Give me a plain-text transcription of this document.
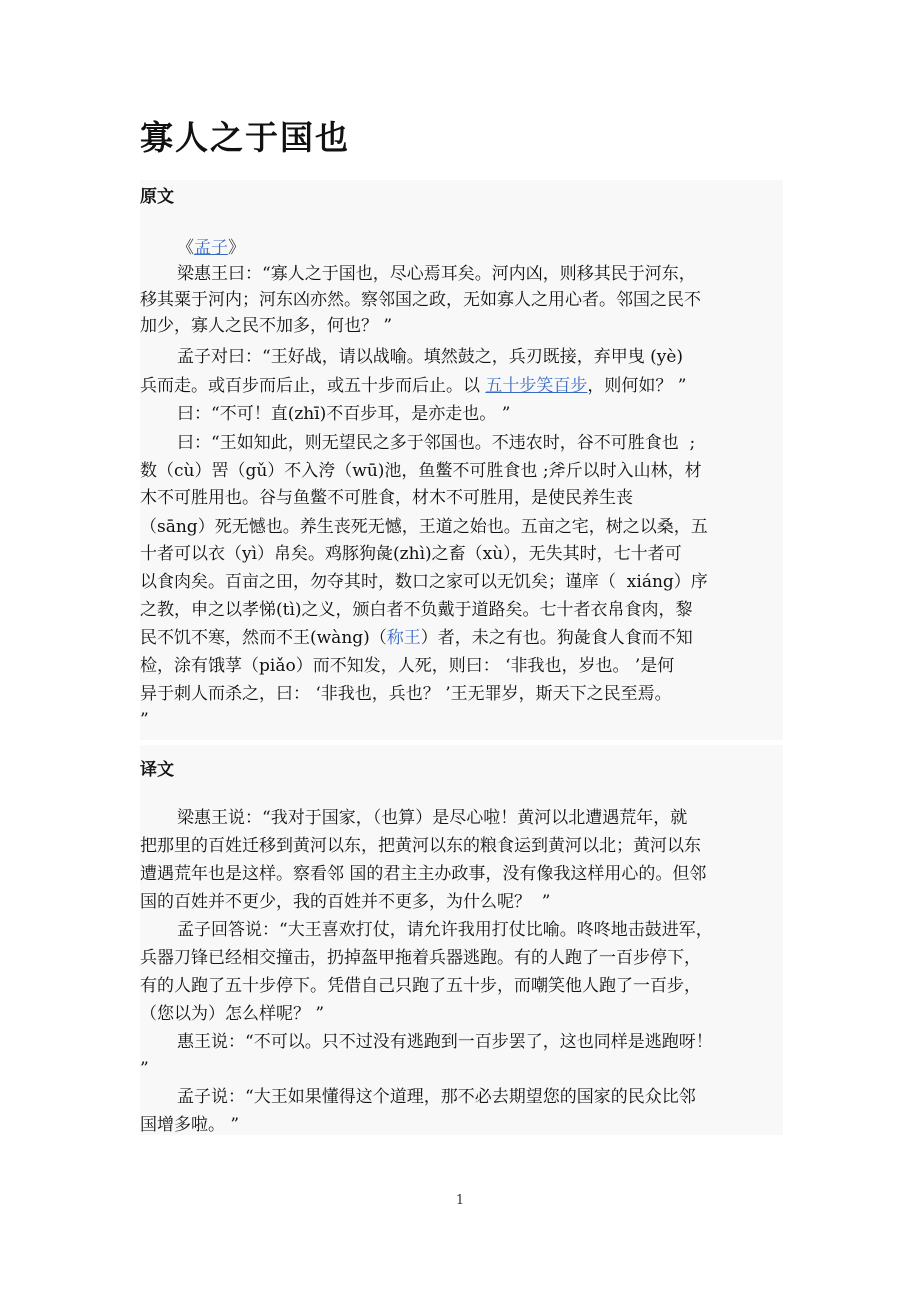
寡人之于国也
原文

《孟子》

梁惠王曰：“寡人之于国也，尽心焉耳矣。河内凶，则移其民于河东，

移其粟于河内；河东凶亦然。察邻国之政，无如寡人之用心者。邻国之民不

加少，寡人之民不加多，何也？ ”

孟子对曰：“王好战，请以战喻。填然鼓之，兵刃既接，弃甲曳 (yè)

兵而走。或百步而后止，或五十步而后止。以 五十步笑百步，则何如？ ”

曰：“不可！直(zhī)不百步耳，是亦走也。 ”

曰：“王如知此，则无望民之多于邻国也。不违农时，谷不可胜食也  ;

数（cù）罟（gǔ）不入洿（wū)池，鱼鳖不可胜食也 ;斧斤以时入山林，材

木不可胜用也。谷与鱼鳖不可胜食，材木不可胜用，是使民养生丧

（sāng）死无憾也。养生丧死无憾，王道之始也。五亩之宅，树之以桑，五

十者可以衣（yì）帛矣。鸡豚狗彘(zhì)之畜（xù），无失其时，七十者可

以食肉矣。百亩之田，勿夺其时，数口之家可以无饥矣；谨庠（  xiáng）序

之教，申之以孝悌(tì)之义，颁白者不负戴于道路矣。七十者衣帛食肉，黎

民不饥不寒，然而不王(wàng)（称王）者，未之有也。狗彘食人食而不知

检，涂有饿莩（piǎo）而不知发，人死，则曰： ‘非我也，岁也。 ’是何

异于刺人而杀之，曰： ‘非我也，兵也？ ’王无罪岁，斯天下之民至焉。

”

译文

梁惠王说：“我对于国家，（也算）是尽心啦！黄河以北遭遇荒年，就

把那里的百姓迁移到黄河以东，把黄河以东的粮食运到黄河以北；黄河以东

遭遇荒年也是这样。察看邻 国的君主主办政事，没有像我这样用心的。但邻

国的百姓并不更少，我的百姓并不更多，为什么呢？  ”

孟子回答说：“大王喜欢打仗，请允许我用打仗比喻。咚咚地击鼓进军，

兵器刀锋已经相交撞击，扔掉盔甲拖着兵器逃跑。有的人跑了一百步停下，

有的人跑了五十步停下。凭借自己只跑了五十步，而嘲笑他人跑了一百步，

（您以为）怎么样呢？ ”

惠王说：“不可以。只不过没有逃跑到一百步罢了，这也同样是逃跑呀！

”

孟子说：“大王如果懂得这个道理，那不必去期望您的国家的民众比邻

国增多啦。 ”

1
